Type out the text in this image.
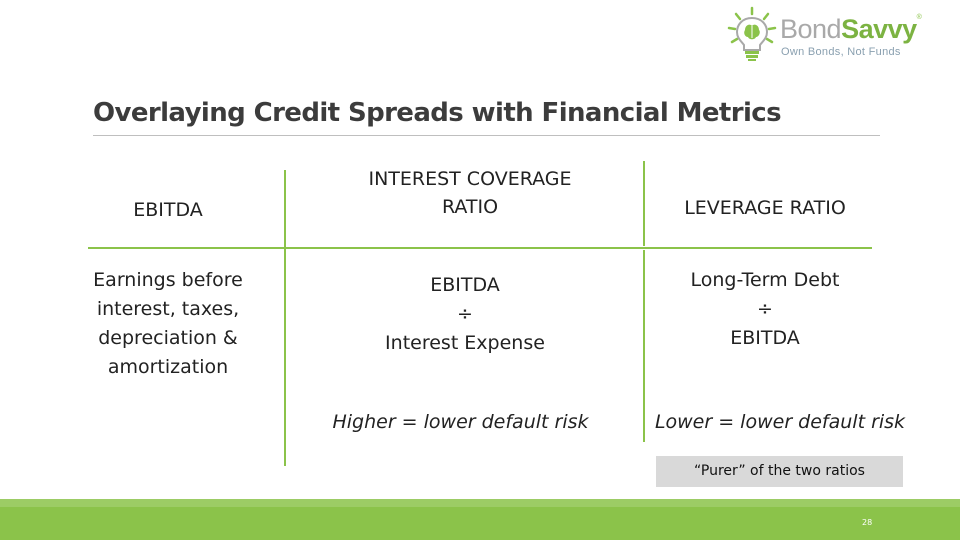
BondSavvy®
Own Bonds, Not Funds
Overlaying Credit Spreads with Financial Metrics
EBITDA
INTEREST COVERAGE
RATIO	LEVERAGE RATIO
Earnings before
interest, taxes,
depreciation &
amortization
EBITDA
÷
Interest Expense
Long-Term Debt
÷
EBITDA
Higher = lower default risk	Lower = lower default risk
“Purer” of the two ratios
28
